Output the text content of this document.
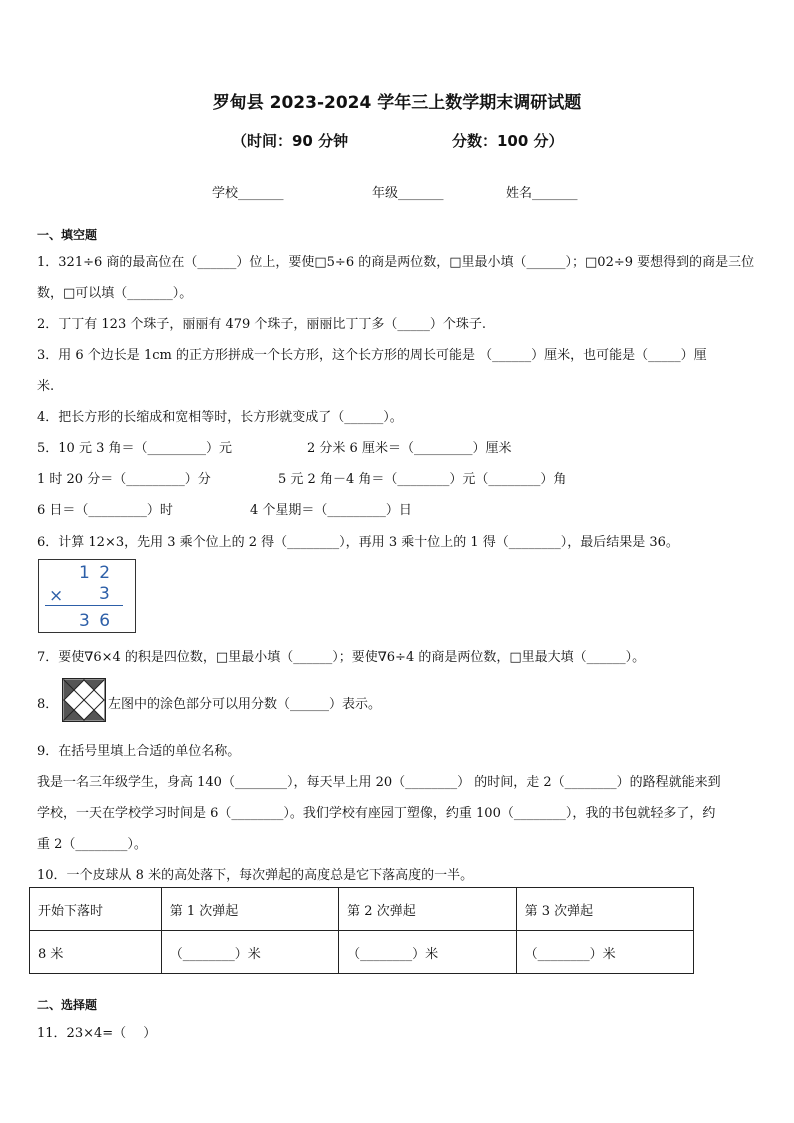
罗甸县 2023-2024 学年三上数学期末调研试题
（时间：90 分钟	分数：100 分）
学校_______	年级_______	姓名_______
一、填空题
1．321÷6 商的最高位在（______）位上，要使□5÷6 的商是两位数，□里最小填（______）；□02÷9 要想得到的商是三位
数，□可以填（_______）。
2．丁丁有 123 个珠子，丽丽有 479 个珠子，丽丽比丁丁多（_____）个珠子.
3．用 6 个边长是 1cm 的正方形拼成一个长方形，这个长方形的周长可能是 （______）厘米，也可能是（_____）厘
米.
4．把长方形的长缩成和宽相等时，长方形就变成了（______）。
5．10 元 3 角＝（_________）元	2 分米 6 厘米＝（_________）厘米
1 时 20 分＝（_________）分	5 元 2 角－4 角＝（________）元（________）角
6 日＝（_________）时	4 个星期＝（_________）日
6．计算 12×3，先用 3 乘个位上的 2 得（________），再用 3 乘十位上的 1 得（________），最后结果是 36。
1 2
× 3
3 6
7．要使∇6×4 的积是四位数，□里最小填（______）；要使∇6÷4 的商是两位数，□里最大填（______）。
8．	左图中的涂色部分可以用分数（______）表示。
9．在括号里填上合适的单位名称。
我是一名三年级学生，身高 140（________），每天早上用 20（________） 的时间，走 2（________）的路程就能来到
学校，一天在学校学习时间是 6（________）。我们学校有座园丁塑像，约重 100（________），我的书包就轻多了，约
重 2（________）。
10．一个皮球从 8 米的高处落下，每次弹起的高度总是它下落高度的一半。
开始下落时	第 1 次弹起	第 2 次弹起	第 3 次弹起
8 米	（________）米	（________）米	（________）米
二、选择题
11．23×4=（　 ）
